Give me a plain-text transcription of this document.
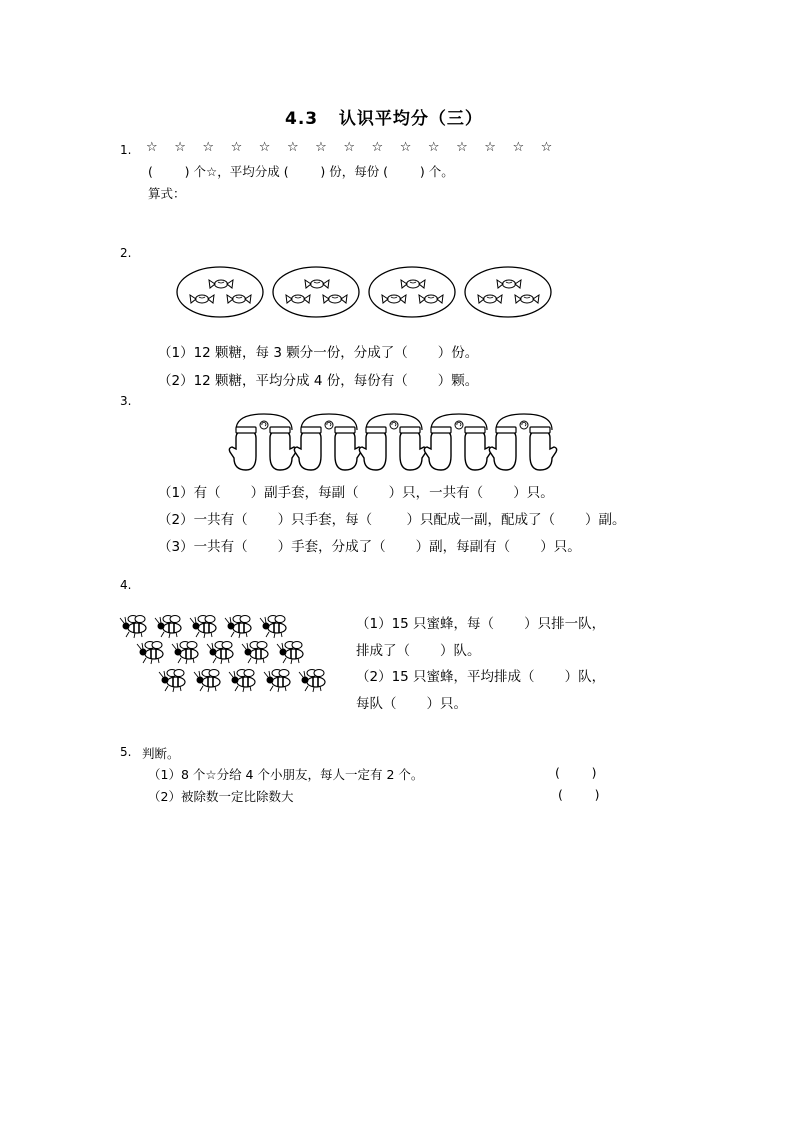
4.3   认识平均分（三）
1. ☆ ☆ ☆ ☆ ☆ ☆ ☆ ☆ ☆ ☆ ☆ ☆ ☆ ☆ ☆
(        ) 个☆，平均分成 (        ) 份，每份 (        ) 个。
算式：
2.
（1）12 颗糖，每 3 颗分一份，分成了（       ）份。
（2）12 颗糖，平均分成 4 份，每份有（       ）颗。
3.
（1）有（       ）副手套，每副（       ）只，一共有（       ）只。
（2）一共有（       ）只手套，每（        ）只配成一副，配成了（       ）副。
（3）一共有（       ）手套，分成了（       ）副，每副有（       ）只。
4.
（1）15 只蜜蜂，每（       ）只排一队，
排成了（       ）队。
（2）15 只蜜蜂，平均排成（       ）队，
每队（       ）只。
5. 判断。
（1）8 个☆分给 4 个小朋友，每人一定有 2 个。	(        )
（2）被除数一定比除数大	(        )
